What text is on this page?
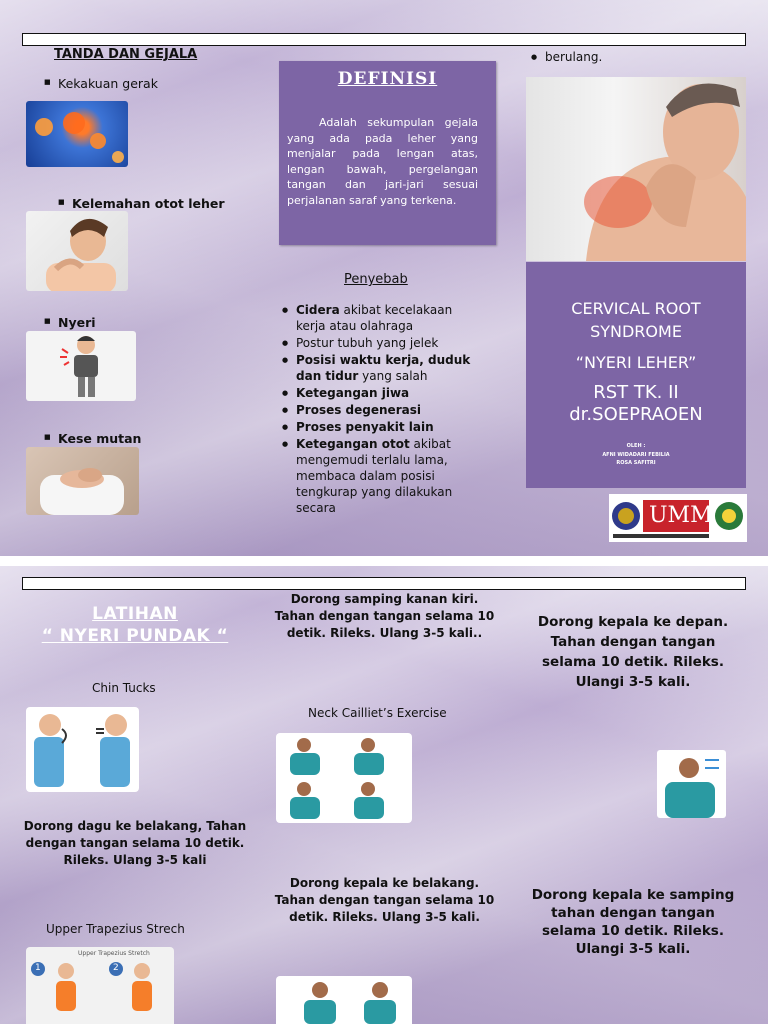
TANDA DAN GEJALA
■ Kekakuan gerak
■ Kelemahan otot leher
■ Nyeri
■ Kese mutan
DEFINISI
Adalah sekumpulan gejala yang ada pada leher yang menjalar pada lengan atas, lengan bawah, pergelangan tangan dan jari-jari sesuai perjalanan saraf yang terkena.
Penyebab
● Cidera akibat kecelakaan kerja atau olahraga
● Postur tubuh yang jelek
● Posisi waktu kerja, duduk dan tidur yang salah
● Ketegangan jiwa
● Proses degenerasi
● Proses penyakit lain
● Ketegangan otot akibat mengemudi terlalu lama, membaca dalam posisi tengkurap yang dilakukan secara
● berulang.
CERVICAL ROOT SYNDROME
“NYERI LEHER”
RST TK. II
dr.SOEPRAOEN
OLEH :
AFNI WIDADARI FEBILIA
ROSA SAFITRI
UMM
LATIHAN
“ NYERI PUNDAK “
Chin Tucks
Dorong dagu ke belakang, Tahan dengan tangan selama 10 detik. Rileks. Ulang 3-5 kali
Upper Trapezius Strech
Upper Trapezius Stretch
1	2
Dorong samping kanan kiri. Tahan dengan tangan selama 10 detik. Rileks. Ulang 3-5 kali..
Neck Cailliet’s Exercise
Dorong kepala ke belakang. Tahan dengan tangan selama 10 detik. Rileks. Ulang 3-5 kali.
Dorong kepala ke depan. Tahan dengan tangan selama 10 detik. Rileks. Ulangi 3-5 kali.
Dorong kepala ke samping tahan dengan tangan selama 10 detik. Rileks. Ulangi 3-5 kali.
